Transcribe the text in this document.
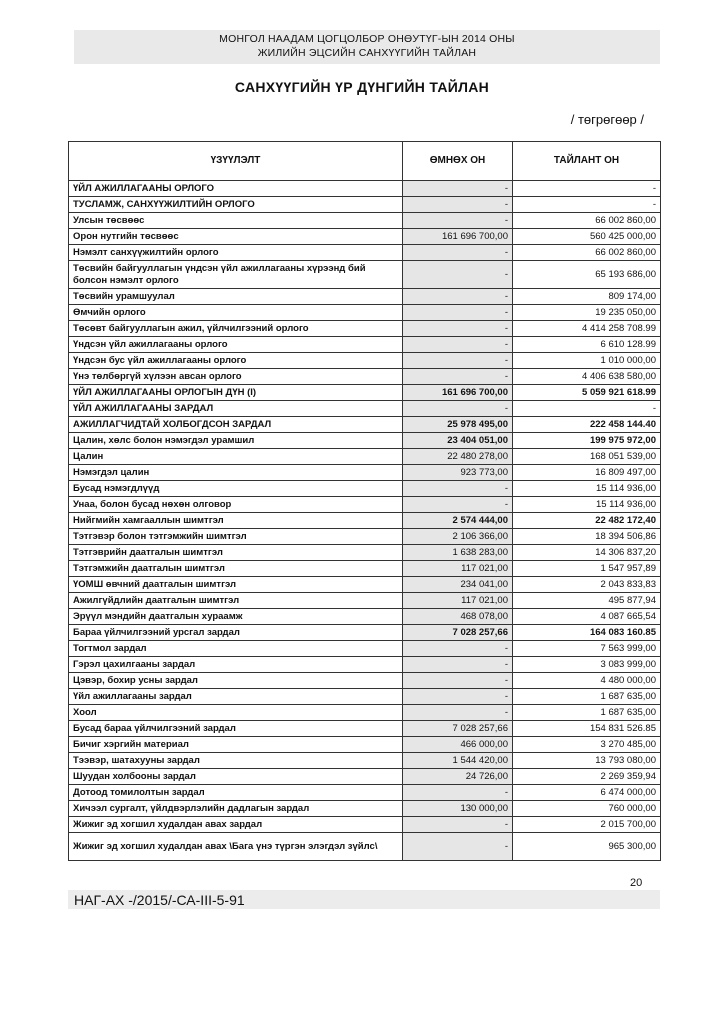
МОНГОЛ НААДАМ ЦОГЦОЛБОР ОНӨУТҮГ-ЫН 2014 ОНЫ
ЖИЛИЙН ЭЦСИЙН САНХҮҮГИЙН ТАЙЛАН
САНХҮҮГИЙН ҮР ДҮНГИЙН ТАЙЛАН
/ төгрөгөөр /
ҮЗҮҮЛЭЛТ	ӨМНӨХ ОН	ТАЙЛАНТ ОН
ҮЙЛ АЖИЛЛАГААНЫ ОРЛОГО	-	-
ТУСЛАМЖ, САНХҮҮЖИЛТИЙН ОРЛОГО	-	-
Улсын төсвөөс	-	66 002 860,00
Орон нутгийн төсвөөс	161 696 700,00	560 425 000,00
Нэмэлт санхүүжилтийн орлого	-	66 002 860,00
Төсвийн байгууллагын үндсэн үйл ажиллагааны хүрээнд бий болсон нэмэлт орлого	-	65 193 686,00
Төсвийн урамшуулал	-	809 174,00
Өмчийн орлого	-	19 235 050,00
Төсөвт байгууллагын ажил, үйлчилгээний орлого	-	4 414 258 708.99
Үндсэн үйл ажиллагааны орлого	-	6 610 128.99
Үндсэн бус үйл ажиллагааны орлого	-	1 010 000,00
Үнэ төлбөргүй хүлээн авсан орлого	-	4 406 638 580,00
ҮЙЛ АЖИЛЛАГААНЫ ОРЛОГЫН ДҮН (I)	161 696 700,00	5 059 921 618.99
ҮЙЛ АЖИЛЛАГААНЫ ЗАРДАЛ	-	-
АЖИЛЛАГЧИДТАЙ ХОЛБОГДСОН ЗАРДАЛ	25 978 495,00	222 458 144.40
Цалин, хөлс болон нэмэгдэл урамшил	23 404 051,00	199 975 972,00
Цалин	22 480 278,00	168 051 539,00
Нэмэгдэл цалин	923 773,00	16 809 497,00
Бусад нэмэгдлүүд	-	15 114 936,00
Унаа, болон бусад нөхөн олговор	-	15 114 936,00
Нийгмийн хамгааллын шимтгэл	2 574 444,00	22 482 172,40
Тэтгэвэр болон тэтгэмжийн шимтгэл	2 106 366,00	18 394 506,86
Тэтгэврийн даатгалын шимтгэл	1 638 283,00	14 306 837,20
Тэтгэмжийн даатгалын шимтгэл	117 021,00	1 547 957,89
ҮОМШ өвчний даатгалын шимтгэл	234 041,00	2 043 833,83
Ажилгүйдлийн даатгалын шимтгэл	117 021,00	495 877,94
Эрүүл мэндийн даатгалын хураамж	468 078,00	4 087 665,54
Бараа үйлчилгээний урсгал зардал	7 028 257,66	164 083 160.85
Тогтмол зардал	-	7 563 999,00
Гэрэл цахилгааны зардал	-	3 083 999,00
Цэвэр, бохир усны зардал	-	4 480 000,00
Үйл ажиллагааны зардал	-	1 687 635,00
Хоол	-	1 687 635,00
Бусад бараа үйлчилгээний зардал	7 028 257,66	154 831 526.85
Бичиг хэргийн материал	466 000,00	3 270 485,00
Тээвэр, шатахууны зардал	1 544 420,00	13 793 080,00
Шуудан холбооны зардал	24 726,00	2 269 359,94
Дотоод томилолтын зардал	-	6 474 000,00
Хичээл сургалт, үйлдвэрлэлийн дадлагын зардал	130 000,00	760 000,00
Жижиг эд хогшил худалдан авах зардал	-	2 015 700,00
Жижиг эд хогшил худалдан авах \Бага үнэ түргэн элэгдэл зүйлс\	-	965 300,00
20
НАГ-АХ -/2015/-СА-III-5-91
